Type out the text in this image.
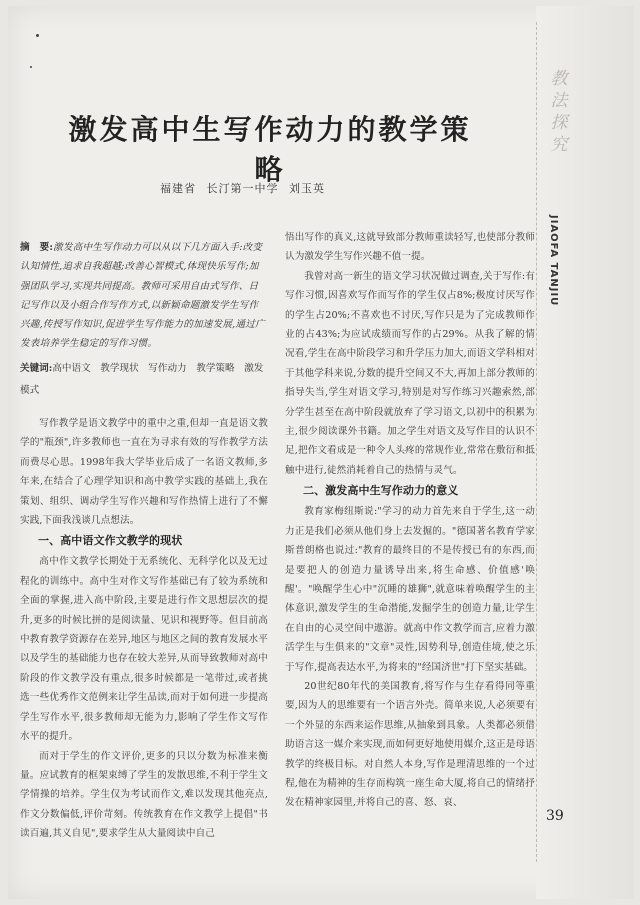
教
法
探
究
JIAOFA TANJIU
激发高中生写作动力的教学策略
福建省 长汀第一中学 刘玉英
摘　要:激发高中生写作动力可以从以下几方面入手:改变认知情性,追求自我超越;改善心智模式,体现快乐写作;加强团队学习,实现共同提高。教师可采用自由式写作、日记写作以及小组合作写作方式,以新颖命题激发学生写作兴趣,传授写作知识,促进学生写作能力的加速发展,通过广发表培养学生稳定的写作习惯。
关键词:高中语文　教学现状　写作动力　教学策略　激发模式

写作教学是语文教学中的重中之重,但却一直是语文教学的"瓶颈",许多教师也一直在为寻求有效的写作教学方法而费尽心思。1998年我大学毕业后成了一名语文教师,多年来,在结合了心理学知识和高中教学实践的基础上,我在策划、组织、调动学生写作兴趣和写作热情上进行了不懈实践,下面我浅谈几点想法。

一、高中语文作文教学的现状

高中作文教学长期处于无系统化、无科学化以及无过程化的训练中。高中生对作文写作基础已有了较为系统和全面的掌握,进入高中阶段,主要是进行作文思想层次的提升,更多的时候比拼的是阅读量、见识和视野等。但目前高中教育教学资源存在差异,地区与地区之间的教育发展水平以及学生的基础能力也存在较大差异,从而导致教师对高中阶段的作文教学没有重点,很多时候都是一笔带过,或者挑选一些优秀作文范例来让学生品读,而对于如何进一步提高学生写作水平,很多教师却无能为力,影响了学生作文写作水平的提升。

而对于学生的作文评价,更多的只以分数为标准来衡量。应试教育的框架束缚了学生的发散思维,不利于学生文学情操的培养。学生仅为考试而作文,难以发现其他亮点,作文分数偏低,评价苛刻。传统教育在作文教学上提倡"书读百遍,其义自见",要求学生从大量阅读中自己

悟出写作的真义,这就导致部分教师重读轻写,也使部分教师认为激发学生写作兴趣不值一提。

我曾对高一新生的语文学习状况做过调查,关于写作:有写作习惯,因喜欢写作而写作的学生仅占8%;极度讨厌写作的学生占20%;不喜欢也不讨厌,写作只是为了完成教师作业的占43%;为应试成绩而写作的占29%。从我了解的情况看,学生在高中阶段学习和升学压力加大,而语文学科相对于其他学科来说,分数的提升空间又不大,再加上部分教师的指导失当,学生对语文学习,特别是对写作练习兴趣索然,部分学生甚至在高中阶段就放弃了学习语文,以初中的积累为主,很少阅读课外书籍。加之学生对语文及写作目的认识不足,把作文看成是一种令人头疼的常规作业,常常在敷衍和抵触中进行,徒然消耗着自己的热情与灵气。

二、激发高中生写作动力的意义

教育家梅纽斯说:"学习的动力首先来自于学生,这一动力正是我们必须从他们身上去发掘的。"德国著名教育学家斯普朗格也说过:"教育的最终目的不是传授已有的东西,而是要把人的创造力量诱导出来,将生命感、价值感'唤醒'。"唤醒学生心中"沉睡的雄狮",就意味着唤醒学生的主体意识,激发学生的生命潜能,发掘学生的创造力量,让学生在自由的心灵空间中遨游。就高中作文教学而言,应着力激活学生与生俱来的"文章"灵性,因势利导,创造佳境,使之乐于写作,提高表达水平,为将来的"经国济世"打下坚实基础。

20世纪80年代的美国教育,将写作与生存看得同等重要,因为人的思维要有一个语言外壳。简单来说,人必须要有一个外显的东西来运作思维,从抽象到具象。人类都必须借助语言这一媒介来实现,而如何更好地使用媒介,这正是母语教学的终极目标。对自然人本身,写作是理清思维的一个过程,他在为精神的生存而构筑一座生命大厦,将自己的情绪抒发在精神家园里,并将自己的喜、怒、哀、

39
